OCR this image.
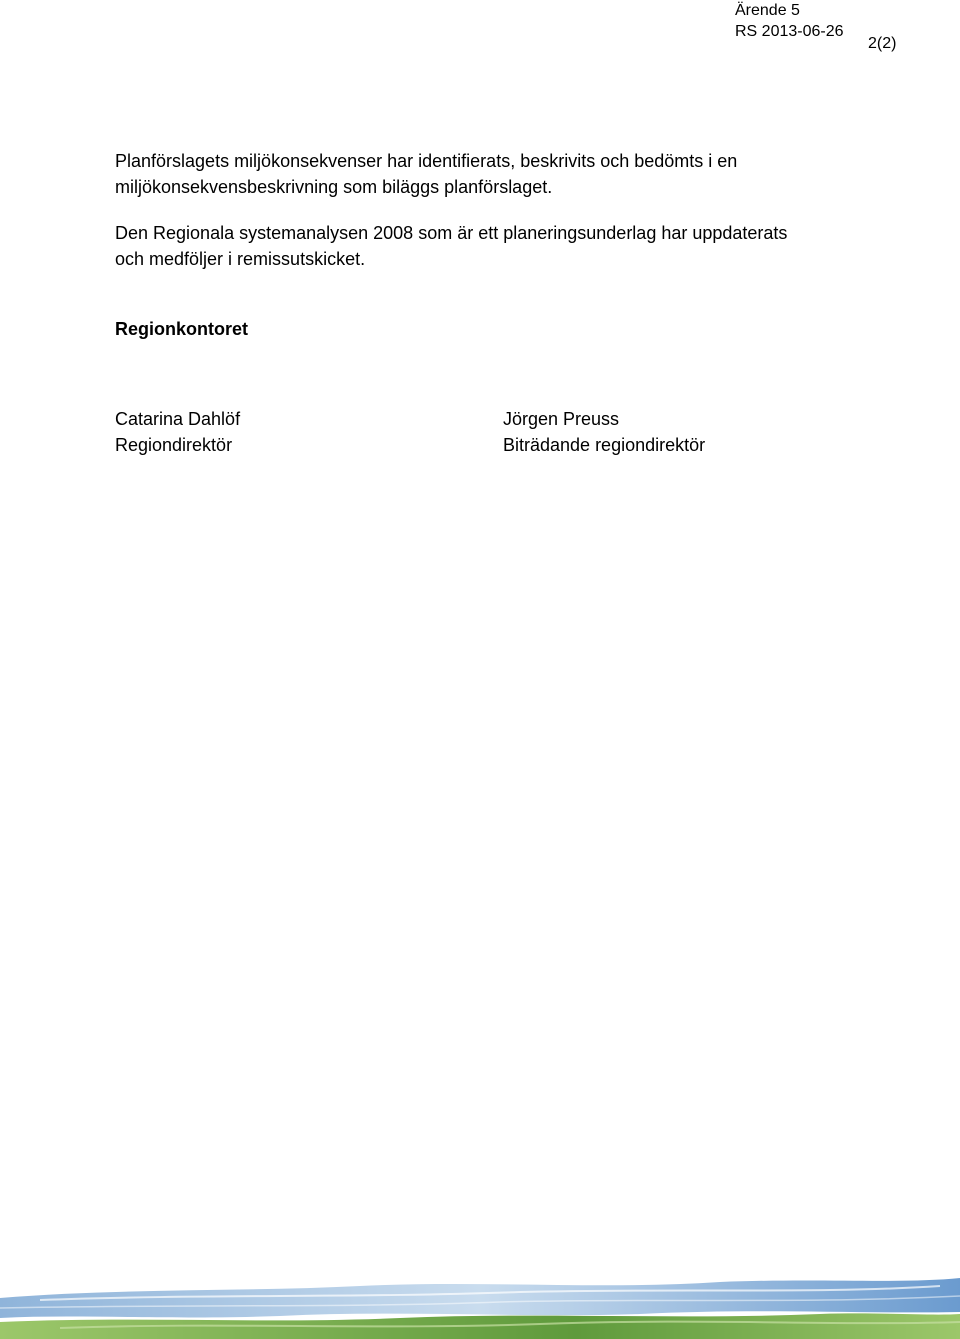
Ärende 5
RS 2013-06-26
2(2)
Planförslagets miljökonsekvenser har identifierats, beskrivits och bedömts i en
miljökonsekvensbeskrivning som biläggs planförslaget.
Den Regionala systemanalysen 2008 som är ett planeringsunderlag har uppdaterats
och medföljer i remissutskicket.
Regionkontoret
Catarina Dahlöf
Regiondirektör
Jörgen Preuss
Biträdande regiondirektör
